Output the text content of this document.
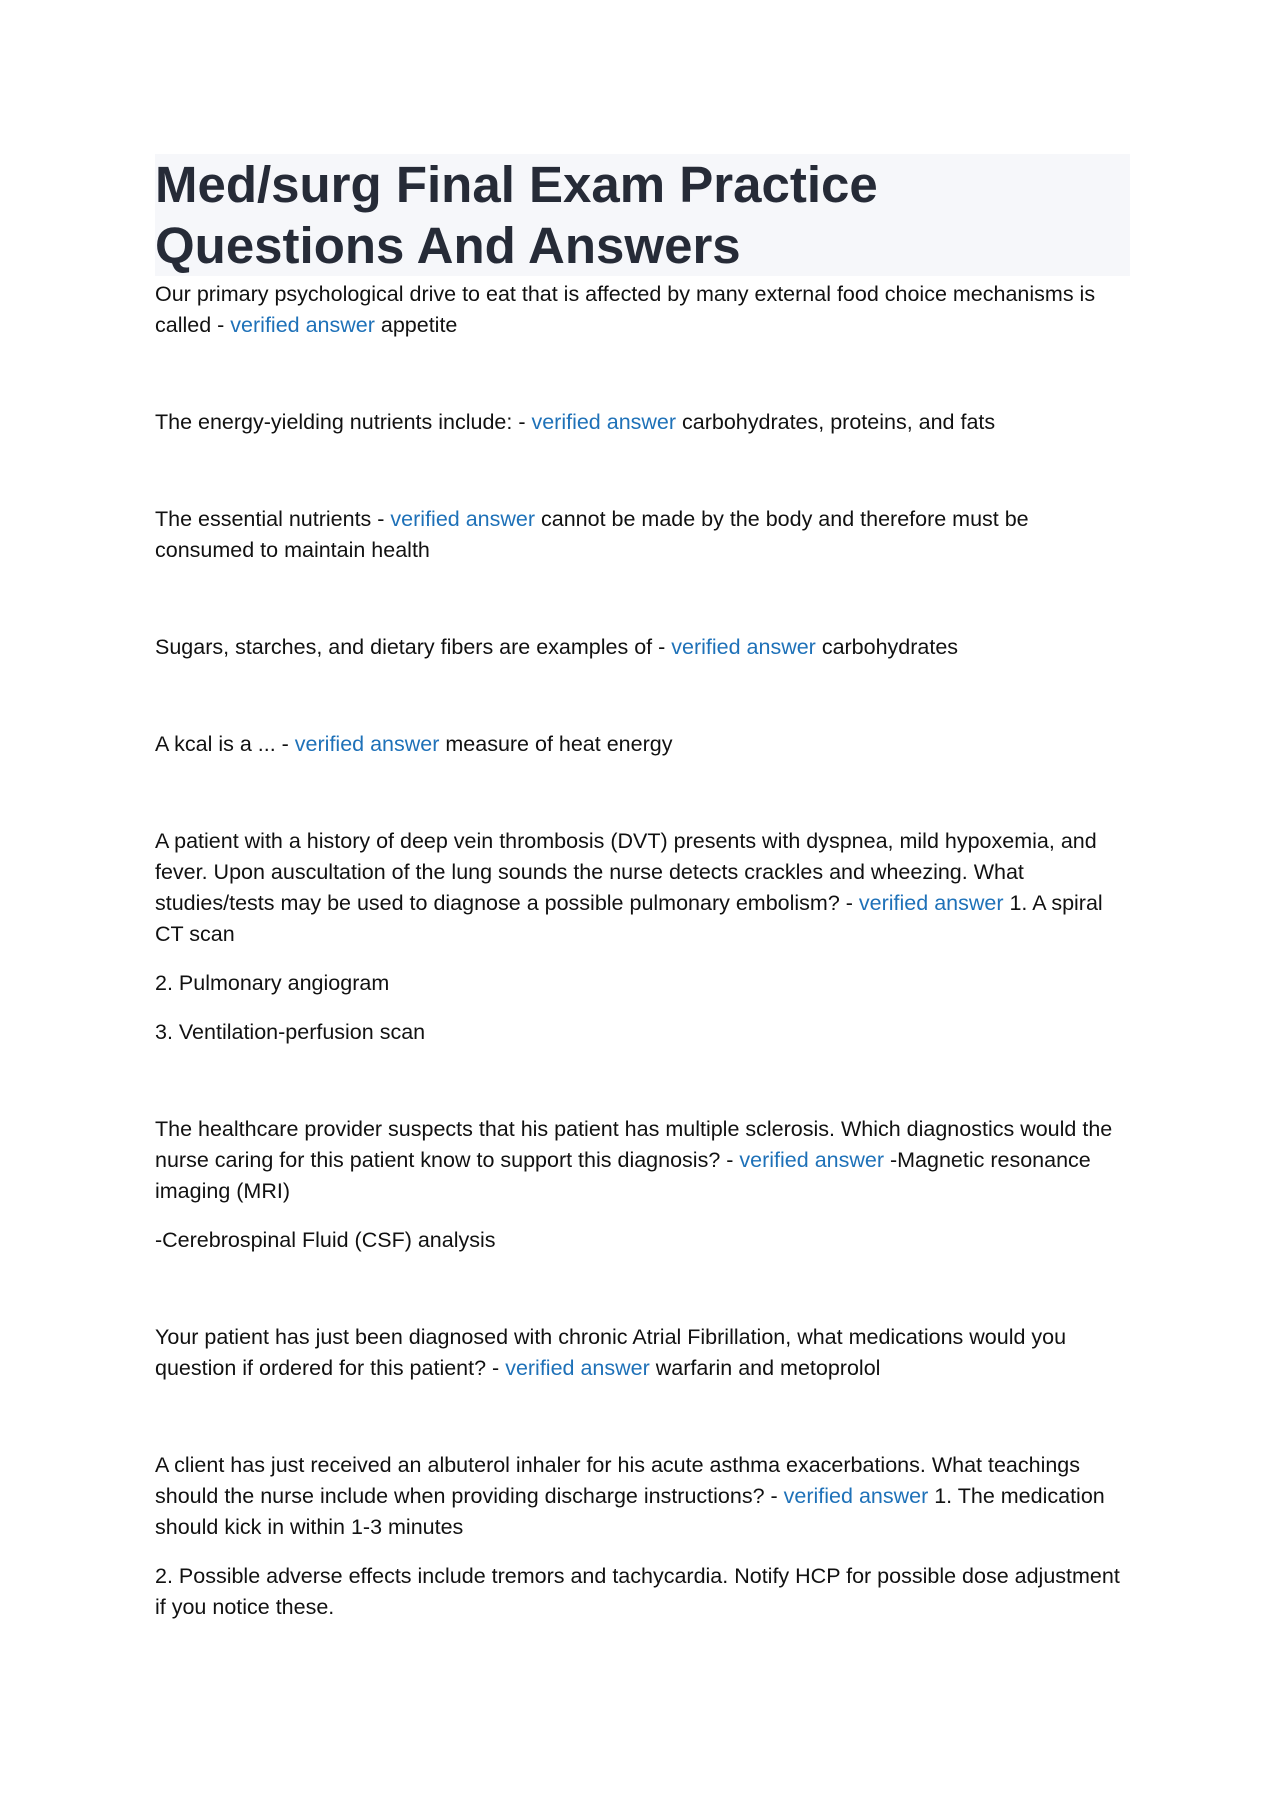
Med/surg Final Exam Practice
Questions And Answers

Our primary psychological drive to eat that is affected by many external food choice mechanisms is called - verified answer appetite

The energy-yielding nutrients include: - verified answer carbohydrates, proteins, and fats

The essential nutrients - verified answer cannot be made by the body and therefore must be consumed to maintain health

Sugars, starches, and dietary fibers are examples of - verified answer carbohydrates

A kcal is a ... - verified answer measure of heat energy

A patient with a history of deep vein thrombosis (DVT) presents with dyspnea, mild hypoxemia, and fever. Upon auscultation of the lung sounds the nurse detects crackles and wheezing. What studies/tests may be used to diagnose a possible pulmonary embolism? - verified answer 1. A spiral CT scan

2. Pulmonary angiogram

3. Ventilation-perfusion scan

The healthcare provider suspects that his patient has multiple sclerosis. Which diagnostics would the nurse caring for this patient know to support this diagnosis? - verified answer -Magnetic resonance imaging (MRI)

-Cerebrospinal Fluid (CSF) analysis

Your patient has just been diagnosed with chronic Atrial Fibrillation, what medications would you question if ordered for this patient? - verified answer warfarin and metoprolol

A client has just received an albuterol inhaler for his acute asthma exacerbations. What teachings should the nurse include when providing discharge instructions? - verified answer 1. The medication should kick in within 1-3 minutes

2. Possible adverse effects include tremors and tachycardia. Notify HCP for possible dose adjustment if you notice these.
